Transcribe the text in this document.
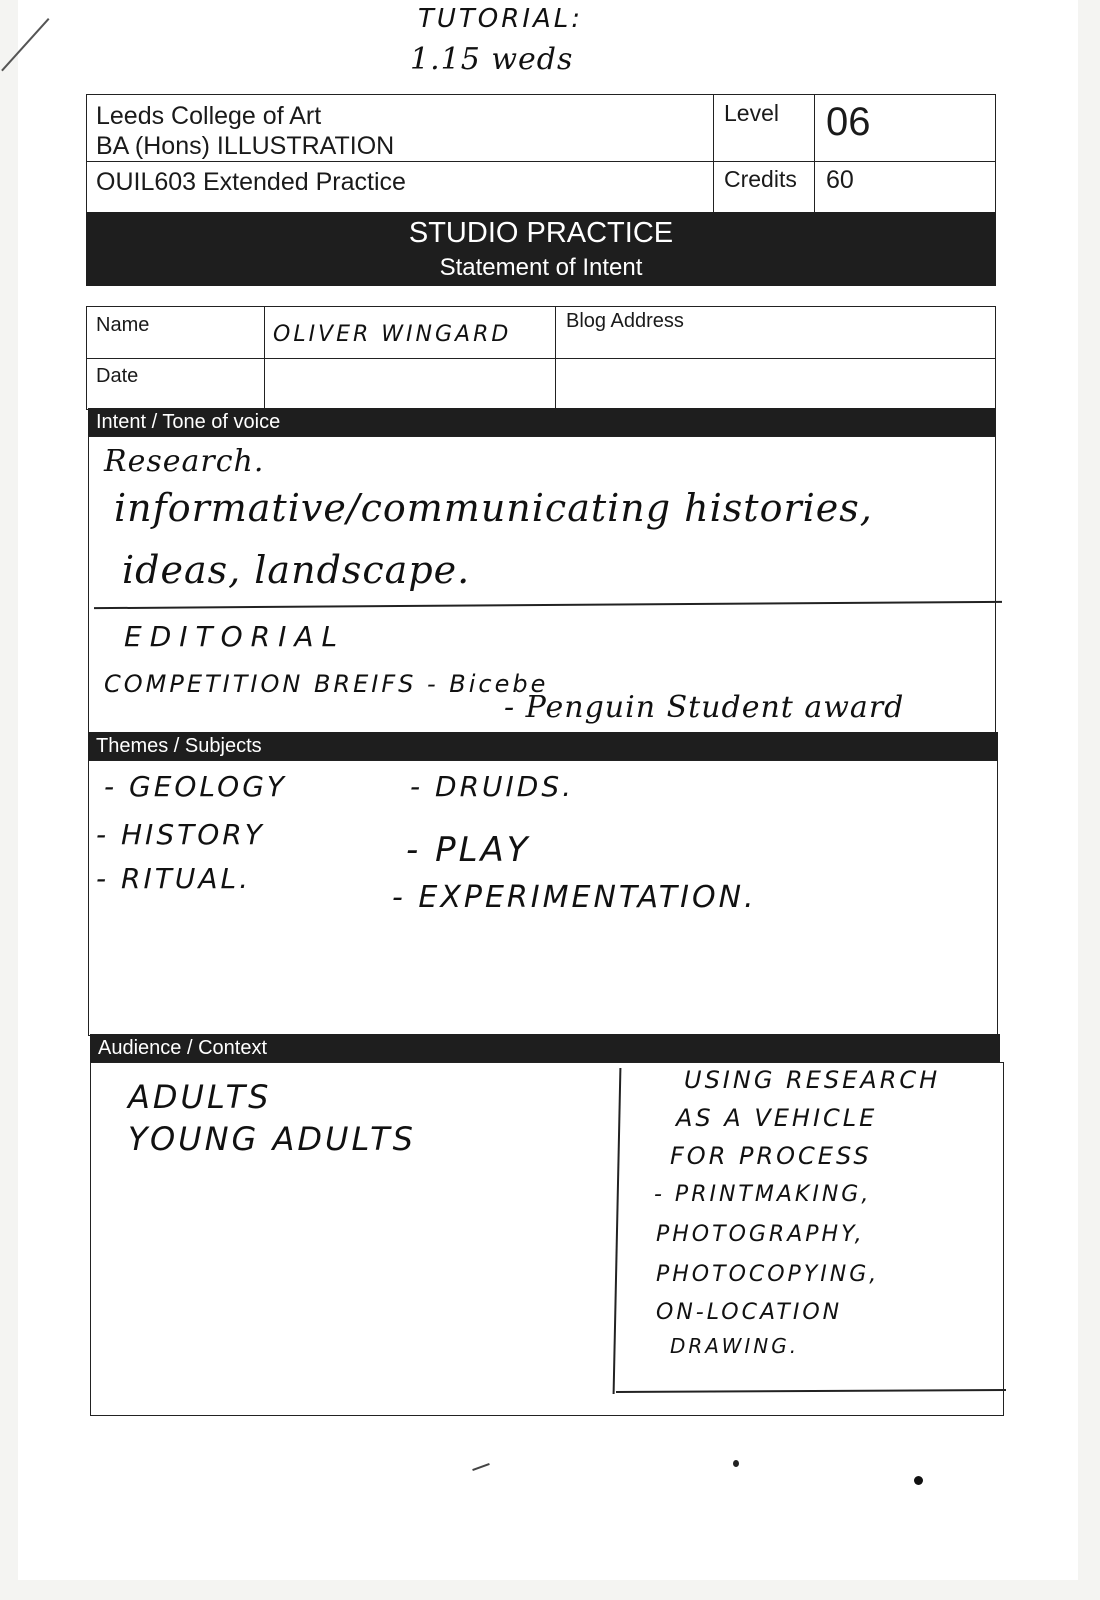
TUTORIAL:
1.15 weds
Leeds College of Art
BA (Hons) ILLUSTRATION
OUIL603 Extended Practice
Level 06
Credits 60
STUDIO PRACTICE
Statement of Intent
Name	OLIVER WINGARD
Blog Address
Date
Intent / Tone of voice
Research.
informative/communicating histories,
ideas, landscape.
EDITORIAL
COMPETITION BREIFS - Bicebe
- Penguin Student award
Themes / Subjects
- GEOLOGY
- HISTORY
- RITUAL.
- DRUIDS.
- PLAY
- EXPERIMENTATION.
Audience / Context
ADULTS
YOUNG ADULTS
USING RESEARCH
AS A VEHICLE
FOR PROCESS
- PRINTMAKING,
PHOTOGRAPHY,
PHOTOCOPYING,
ON-LOCATION
DRAWING.
